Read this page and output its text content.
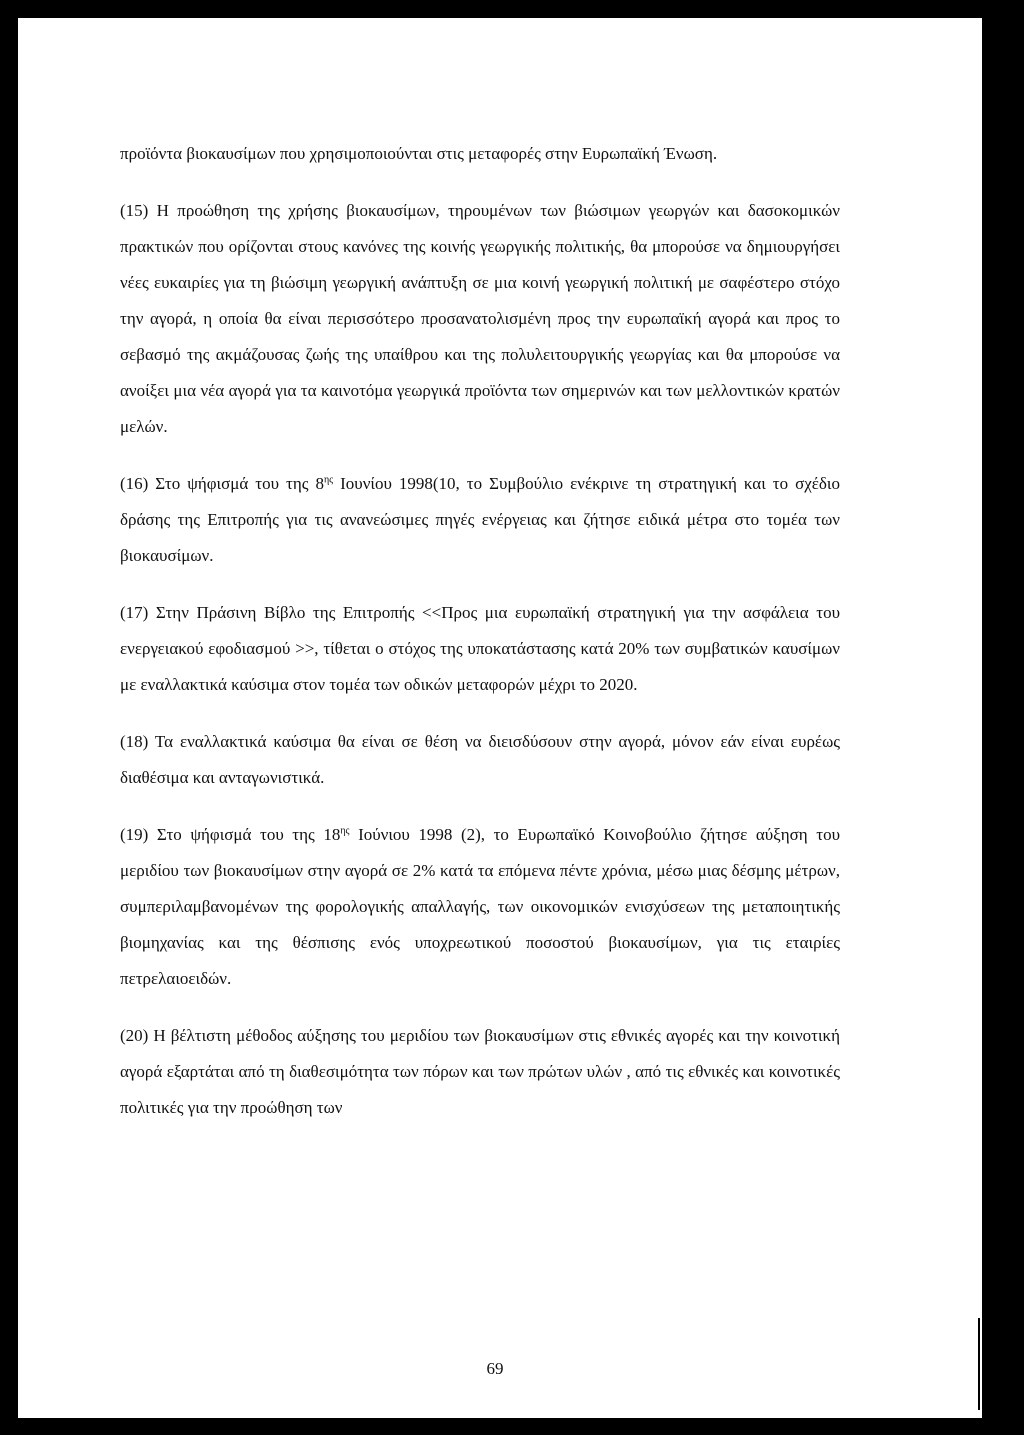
προϊόντα βιοκαυσίμων που χρησιμοποιούνται στις μεταφορές στην Ευρωπαϊκή Ένωση.

(15) Η προώθηση της χρήσης βιοκαυσίμων, τηρουμένων των βιώσιμων γεωργών και δασοκομικών πρακτικών που ορίζονται στους κανόνες της κοινής γεωργικής πολιτικής, θα μπορούσε να δημιουργήσει νέες ευκαιρίες για τη βιώσιμη γεωργική ανάπτυξη σε μια κοινή γεωργική πολιτική με σαφέστερο στόχο την αγορά, η οποία θα είναι περισσότερο προσανατολισμένη προς την ευρωπαϊκή αγορά και προς το σεβασμό της ακμάζουσας ζωής της υπαίθρου και της πολυλειτουργικής γεωργίας και θα μπορούσε να ανοίξει μια νέα αγορά για τα καινοτόμα γεωργικά προϊόντα των σημερινών και των μελλοντικών κρατών μελών.

(16) Στο ψήφισμά του της $8^{\eta\varsigma}$ Ιουνίου 1998(10, το Συμβούλιο ενέκρινε τη στρατηγική και το σχέδιο δράσης της Επιτροπής για τις ανανεώσιμες πηγές ενέργειας και ζήτησε ειδικά μέτρα στο τομέα των βιοκαυσίμων.

(17) Στην Πράσινη Βίβλο της Επιτροπής <<Προς μια ευρωπαϊκή στρατηγική για την ασφάλεια του ενεργειακού εφοδιασμού >>, τίθεται ο στόχος της υποκατάστασης κατά 20% των συμβατικών καυσίμων με εναλλακτικά καύσιμα στον τομέα των οδικών μεταφορών μέχρι το 2020.

(18) Τα εναλλακτικά καύσιμα θα είναι σε θέση να διεισδύσουν στην αγορά, μόνον εάν είναι ευρέως διαθέσιμα και ανταγωνιστικά.

(19) Στο ψήφισμά του της $18^{\eta\varsigma}$ Ιούνιου 1998 (2), το Ευρωπαϊκό Κοινοβούλιο ζήτησε αύξηση του μεριδίου των βιοκαυσίμων στην αγορά σε 2% κατά τα επόμενα πέντε χρόνια, μέσω μιας δέσμης μέτρων, συμπεριλαμβανομένων της φορολογικής απαλλαγής, των οικονομικών ενισχύσεων της μεταποιητικής βιομηχανίας και της θέσπισης ενός υποχρεωτικού ποσοστού βιοκαυσίμων, για τις εταιρίες πετρελαιοειδών.

(20) Η βέλτιστη μέθοδος αύξησης του μεριδίου των βιοκαυσίμων στις εθνικές αγορές και την κοινοτική αγορά εξαρτάται από τη διαθεσιμότητα των πόρων και των πρώτων υλών , από τις εθνικές και κοινοτικές πολιτικές για την προώθηση των

69
